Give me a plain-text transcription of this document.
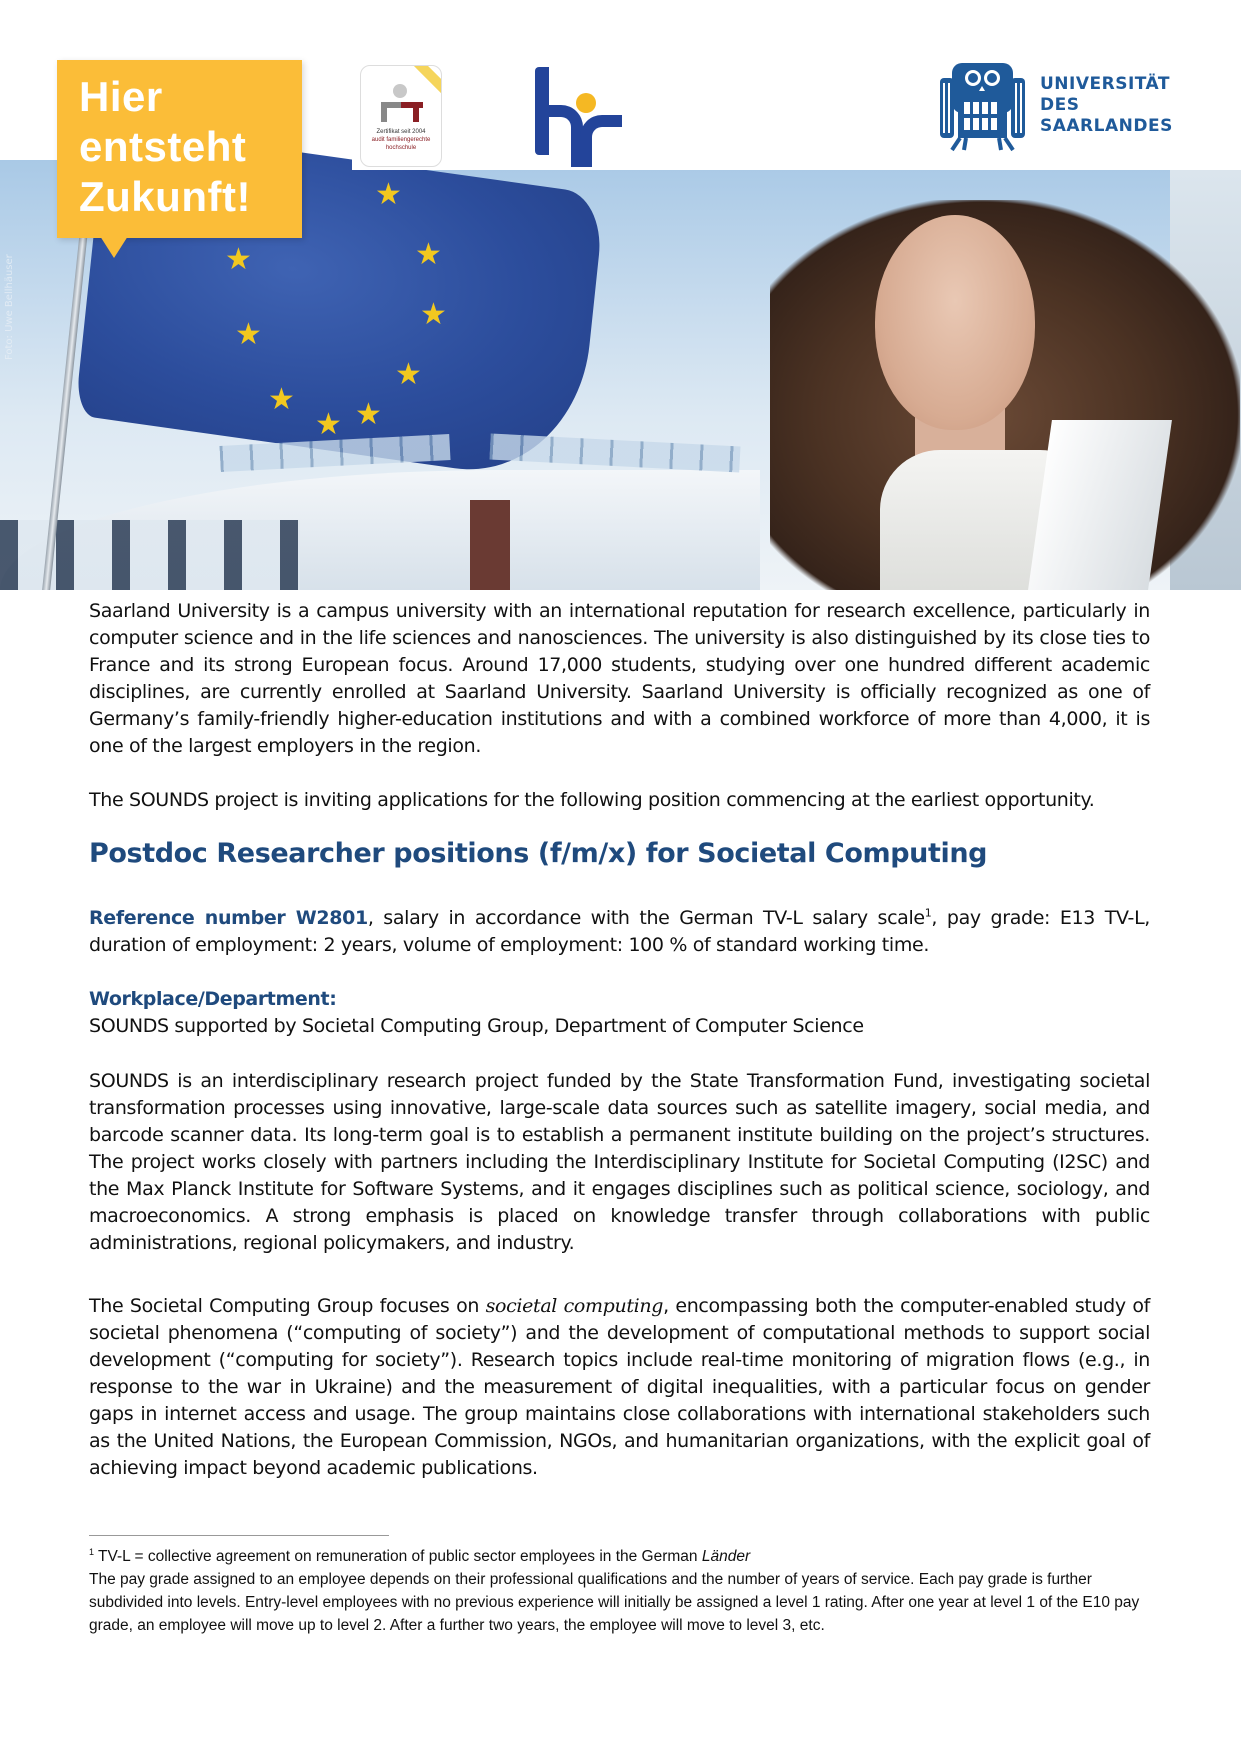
★
★
★
★
★
★
★
★
★
Foto: Uwe Bellhäuser
Hier
entsteht
Zukunft!
Zertifikat seit 2004
audit familiengerechte
hochschule
UNIVERSITÄT
DES
SAARLANDES

Saarland University is a campus university with an international reputation for research excellence, particularly in computer science and in the life sciences and nanosciences. The university is also distinguished by its close ties to France and its strong European focus. Around 17,000 students, studying over one hundred different academic disciplines, are currently enrolled at Saarland University. Saarland University is officially recognized as one of Germany’s family-friendly higher-education institutions and with a combined workforce of more than 4,000, it is one of the largest employers in the region.

The SOUNDS project is inviting applications for the following position commencing at the earliest opportunity.

Postdoc Researcher positions (f/m/x) for Societal Computing

Reference number W2801, salary in accordance with the German TV-L salary scale$^1$, pay grade: E13 TV-L, duration of employment: 2 years, volume of employment: 100 % of standard working time.

Workplace/Department:

SOUNDS supported by Societal Computing Group, Department of Computer Science

SOUNDS is an interdisciplinary research project funded by the State Transformation Fund, investigating societal transformation processes using innovative, large-scale data sources such as satellite imagery, social media, and barcode scanner data. Its long-term goal is to establish a permanent institute building on the project’s structures. The project works closely with partners including the Interdisciplinary Institute for Societal Computing (I2SC) and the Max Planck Institute for Software Systems, and it engages disciplines such as political science, sociology, and macroeconomics. A strong emphasis is placed on knowledge transfer through collaborations with public administrations, regional policymakers, and industry.

The Societal Computing Group focuses on societal computing, encompassing both the computer-enabled study of societal phenomena (“computing of society”) and the development of computational methods to support social development (“computing for society”). Research topics include real-time monitoring of migration flows (e.g., in response to the war in Ukraine) and the measurement of digital inequalities, with a particular focus on gender gaps in internet access and usage. The group maintains close collaborations with international stakeholders such as the United Nations, the European Commission, NGOs, and humanitarian organizations, with the explicit goal of achieving impact beyond academic publications.

$^1$ TV-L = collective agreement on remuneration of public sector employees in the German Länder

The pay grade assigned to an employee depends on their professional qualifications and the number of years of service. Each pay grade is further subdivided into levels. Entry-level employees with no previous experience will initially be assigned a level 1 rating. After one year at level 1 of the E10 pay grade, an employee will move up to level 2. After a further two years, the employee will move to level 3, etc.
